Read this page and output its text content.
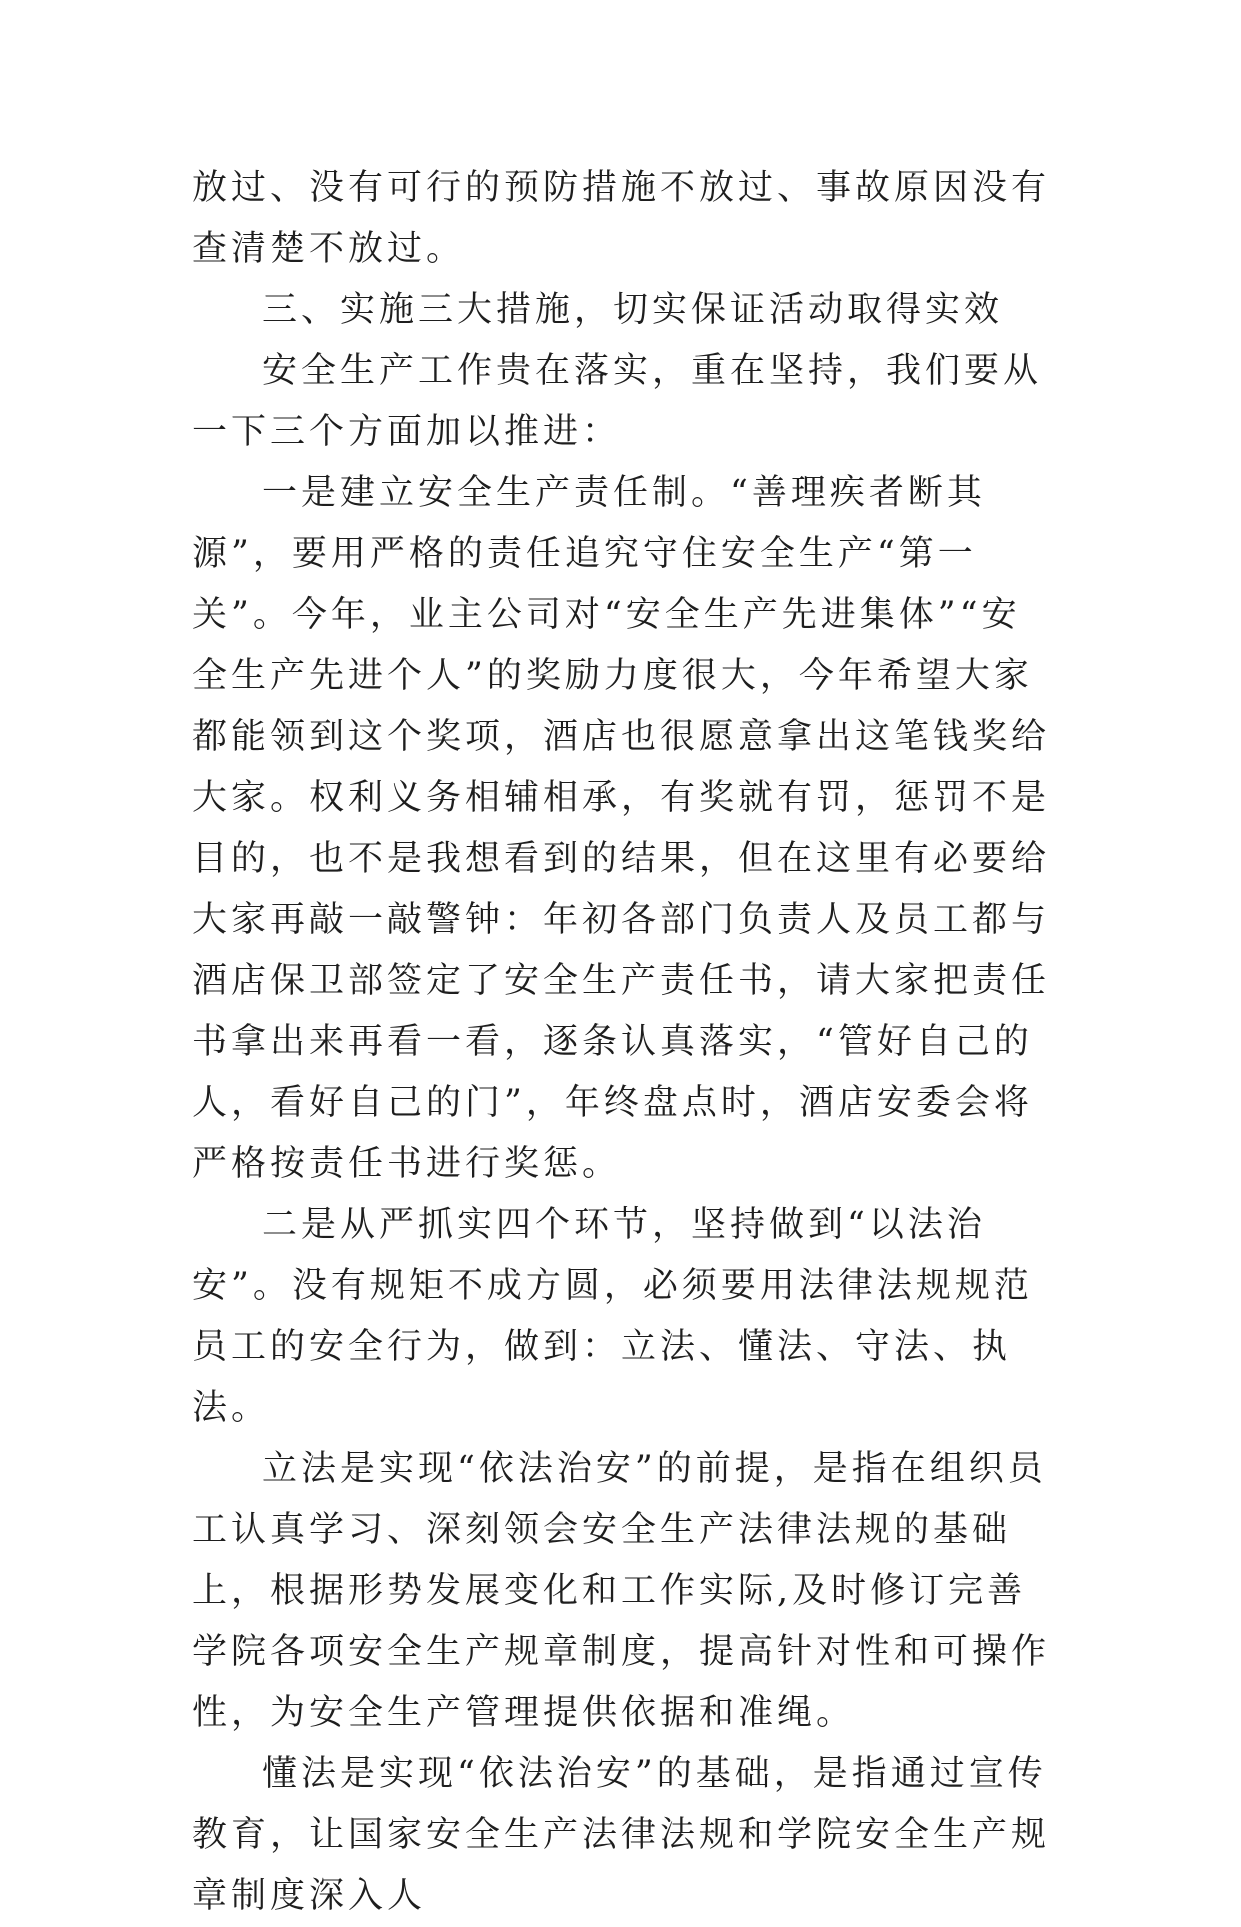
放过、没有可行的预防措施不放过、事故原因没有查清楚不放过。

三、实施三大措施，切实保证活动取得实效

安全生产工作贵在落实，重在坚持，我们要从一下三个方面加以推进：

一是建立安全生产责任制。“善理疾者断其源”，要用严格的责任追究守住安全生产“第一关”。今年，业主公司对“安全生产先进集体”“安全生产先进个人”的奖励力度很大，今年希望大家都能领到这个奖项，酒店也很愿意拿出这笔钱奖给大家。权利义务相辅相承，有奖就有罚，惩罚不是目的，也不是我想看到的结果，但在这里有必要给大家再敲一敲警钟：年初各部门负责人及员工都与酒店保卫部签定了安全生产责任书，请大家把责任书拿出来再看一看，逐条认真落实，“管好自己的人，看好自己的门”，年终盘点时，酒店安委会将严格按责任书进行奖惩。

二是从严抓实四个环节，坚持做到“以法治安”。没有规矩不成方圆，必须要用法律法规规范员工的安全行为，做到：立法、懂法、守法、执法。

立法是实现“依法治安”的前提，是指在组织员工认真学习、深刻领会安全生产法律法规的基础上，根据形势发展变化和工作实际,及时修订完善学院各项安全生产规章制度，提高针对性和可操作性，为安全生产管理提供依据和准绳。

懂法是实现“依法治安”的基础，是指通过宣传教育，让国家安全生产法律法规和学院安全生产规章制度深入人
